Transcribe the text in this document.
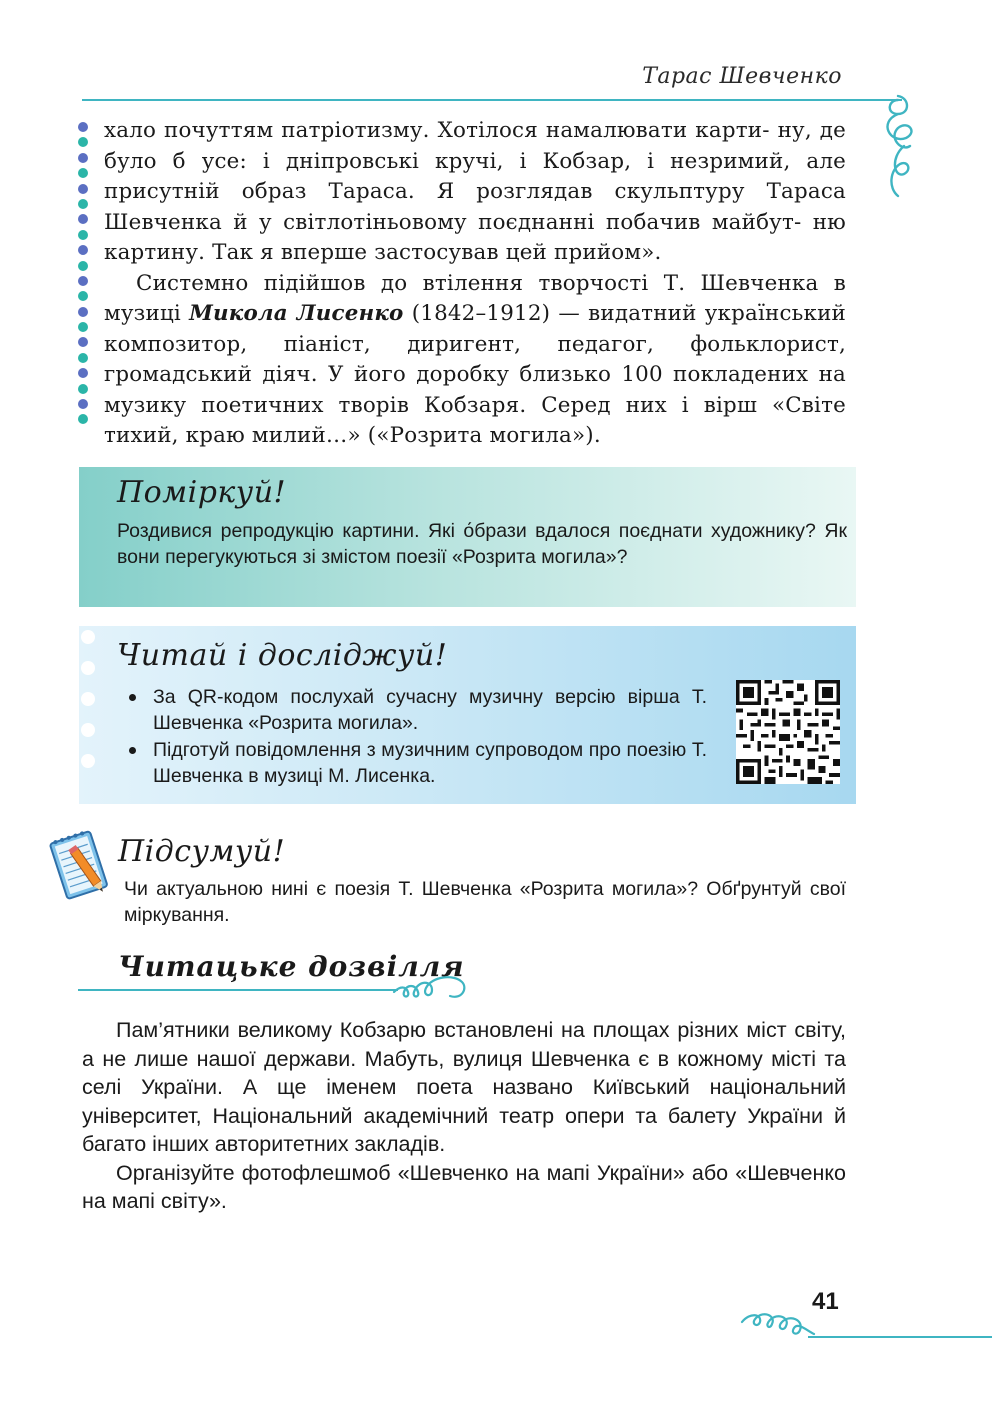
Тарас Шевченко

хало почуттям патріотизму. Хотілося намалювати карти- ну, де було б усе: і дніпровські кручі, і Кобзар, і незримий, але присутній образ Тараса. Я розглядав скульптуру Тараса Шевченка й у світлотіньовому поєднанні побачив майбут- ню картину. Так я вперше застосував цей прийом».

Системно підійшов до втілення творчості Т. Шевченка в музиці Микола Лисенко (1842–1912) — видатний український композитор, піаніст, диригент, педагог, фольклорист, громадський діяч. У його доробку близько 100 покладених на музику поетичних творів Кобзаря. Серед них і вірш «Світе тихий, краю милий…» («Розрита могила»).

Поміркуй!
Роздивися репродукцію картини. Які о́брази вдалося поєднати художнику? Як вони перегукуються зі змістом поезії «Розрита могила»?
Читай і досліджуй!
За QR-кодом послухай сучасну музичну версію вірша Т. Шевченка «Розрита могила».
Підготуй повідомлення з музичним супроводом про поезію Т. Шевченка в музиці М. Лисенка.
Підсумуй!
Чи актуальною нині є поезія Т. Шевченка «Розрита могила»? Обґрунтуй свої міркування.
Читацьке дозвілля

Пам’ятники великому Кобзарю встановлені на площах різних міст світу, а не лише нашої держави. Мабуть, вулиця Шевченка є в кожному місті та селі України. А ще іменем поета названо Київський національний університет, Національний академічний театр опери та балету України й багато інших авторитетних закладів.

Організуйте фотофлешмоб «Шевченко на мапі України» або «Шевченко на мапі світу».

41
